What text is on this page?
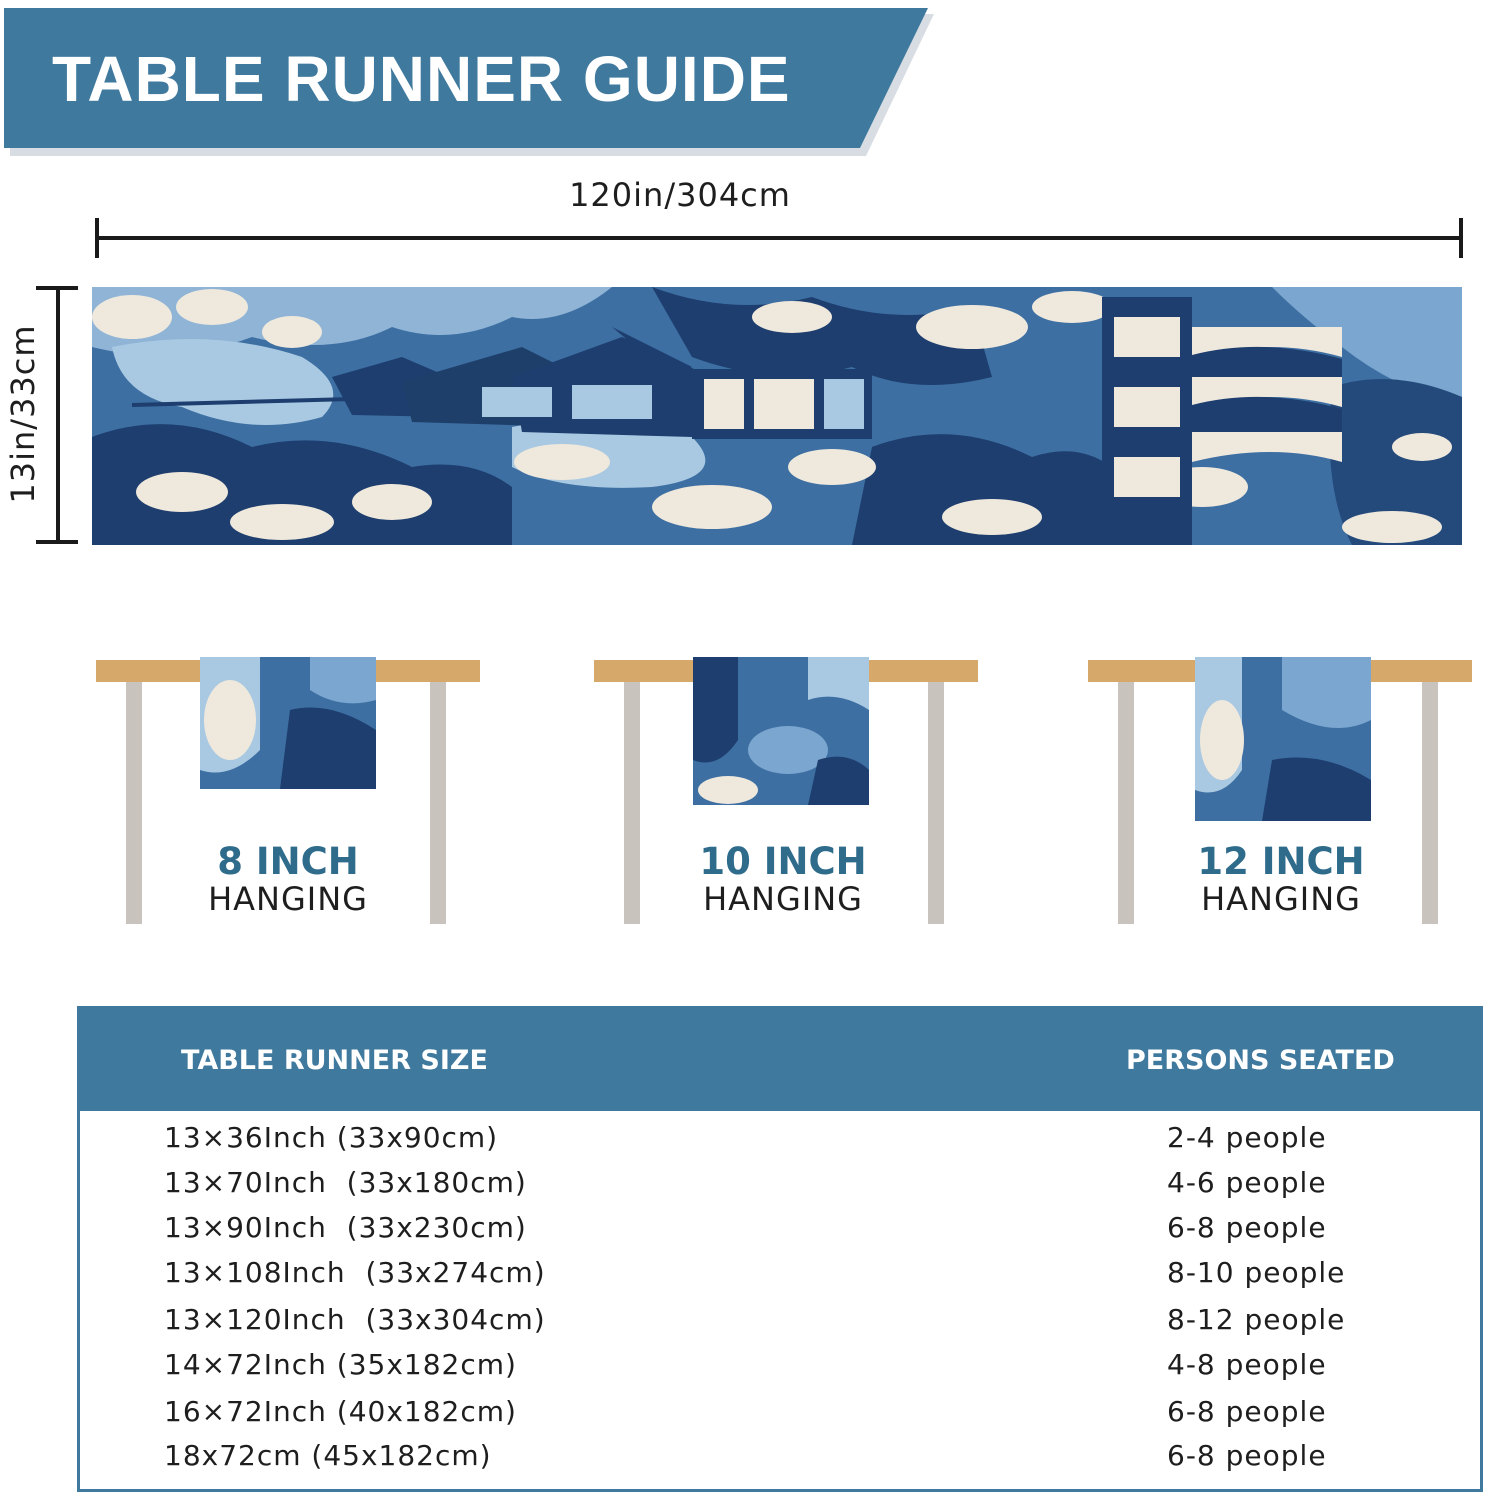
TABLE RUNNER GUIDE
120in/304cm
13in/33cm
8 INCH
HANGING
10 INCH
HANGING
12 INCH
HANGING
TABLE RUNNER SIZE	PERSONS SEATED
13×36Inch (33x90cm)	2-4 people
13×70Inch  (33x180cm)	4-6 people
13×90Inch  (33x230cm)	6-8 people
13×108Inch  (33x274cm)	8-10 people
13×120Inch  (33x304cm)	8-12 people
14×72Inch (35x182cm)	4-8 people
16×72Inch (40x182cm)	6-8 people
18x72cm (45x182cm)	6-8 people
